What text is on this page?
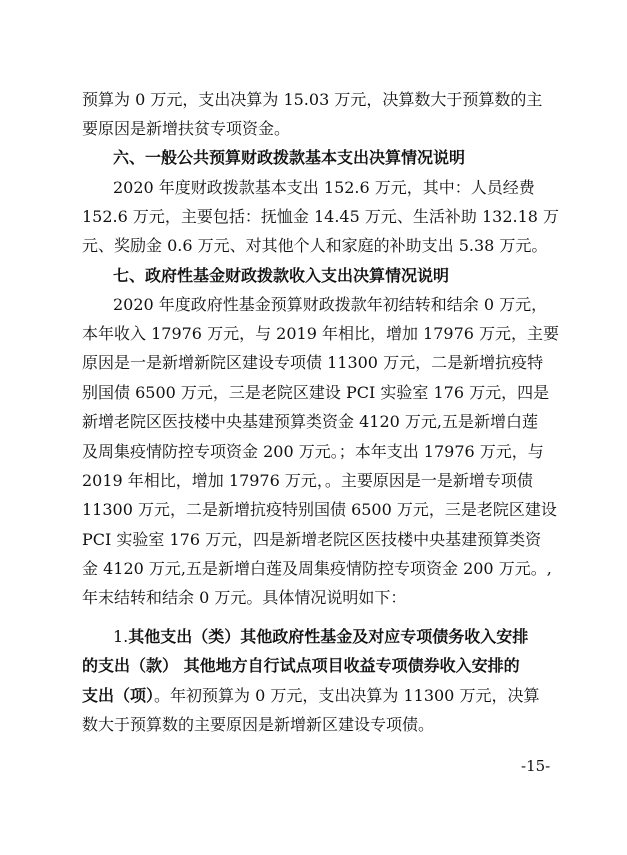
预算为 0 万元，支出决算为 15.03 万元，决算数大于预算数的主
要原因是新增扶贫专项资金。
六、一般公共预算财政拨款基本支出决算情况说明
2020 年度财政拨款基本支出 152.6 万元，其中：人员经费
152.6 万元，主要包括：抚恤金 14.45 万元、生活补助 132.18 万
元、奖励金 0.6 万元、对其他个人和家庭的补助支出 5.38 万元。
七、政府性基金财政拨款收入支出决算情况说明
2020 年度政府性基金预算财政拨款年初结转和结余 0 万元，
本年收入 17976 万元，与 2019 年相比，增加 17976 万元，主要
原因是一是新增新院区建设专项债 11300 万元，二是新增抗疫特
别国债 6500 万元，三是老院区建设 PCI 实验室 176 万元，四是
新增老院区医技楼中央基建预算类资金 4120 万元,五是新增白莲
及周集疫情防控专项资金 200 万元。；本年支出 17976 万元，与
2019 年相比，增加 17976 万元，。主要原因是一是新增专项债
11300 万元，二是新增抗疫特别国债 6500 万元，三是老院区建设
PCI 实验室 176 万元，四是新增老院区医技楼中央基建预算类资
金 4120 万元,五是新增白莲及周集疫情防控专项资金 200 万元。,
年末结转和结余 0 万元。具体情况说明如下：
1.其他支出（类）其他政府性基金及对应专项债务收入安排
的支出（款） 其他地方自行试点项目收益专项债券收入安排的
支出（项）。年初预算为 0 万元，支出决算为 11300 万元，决算
数大于预算数的主要原因是新增新区建设专项债。
-15-
